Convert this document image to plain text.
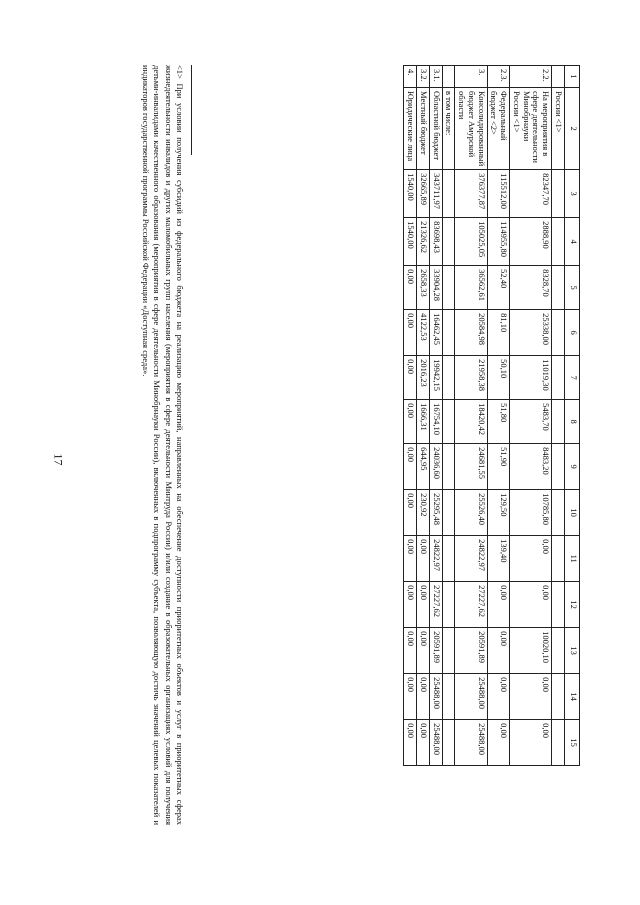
17
1	2	3	4	5	6	7	8	9	10	11	12	13	14	15
	России <1>													
2.2.	На мероприятия в сфере деятельности Минобрнауки России <1>	82347,70	2888,90	8328,70	25338,00	11019,30	5483,70	8483,20	10785,80	0,00	0,00	10020,10	0,00	0,00
2.3.	Федеральный бюджет <2>	115512,00	114955,80	52,40	81,10	50,10	51,80	51,90	129,50	139,40	0,00	0,00	0,00	0,00
3.	Консолидированный бюджет Амурской области	376377,87	105025,05	36562,61	20584,98	21958,38	18420,42	24681,55	25526,40	24822,97	27227,62	20591,89	25488,00	25488,00
	в том числе:													
3.1.	Областной бюджет	343711,97	83698,43	33904,28	16462,45	19942,15	16754,10	24036,60	25295,48	24822,97	27227,62	20591,89	25488,00	25488,00
3.2.	Местный бюджет	32665,89	21326,62	2658,33	4122,53	2016,23	1666,31	644,95	230,92	0,00	0,00	0,00	0,00	0,00
4.	Юридические лица	1540,00	1540,00	0,00	0,00	0,00	0,00	0,00	0,00	0,00	0,00	0,00	0,00	0,00
<1> При условии получения субсидий из федерального бюджета на реализацию мероприятий, направленных на обеспечение доступности приоритетных объектов и услуг в приоритетных сферах жизнедеятельности инвалидов и других маломобильных групп населения (мероприятия в сфере деятельности Минтруда России) и/или создание в образовательных организациях условий для получения детьми-инвалидами качественного образования (мероприятия в сфере деятельности Минобрнауки России), включенных в подпрограмму субъекта, позволяющую достичь значений целевых показателей и индикаторов государственной программы Российской Федерации «Доступная среда».
